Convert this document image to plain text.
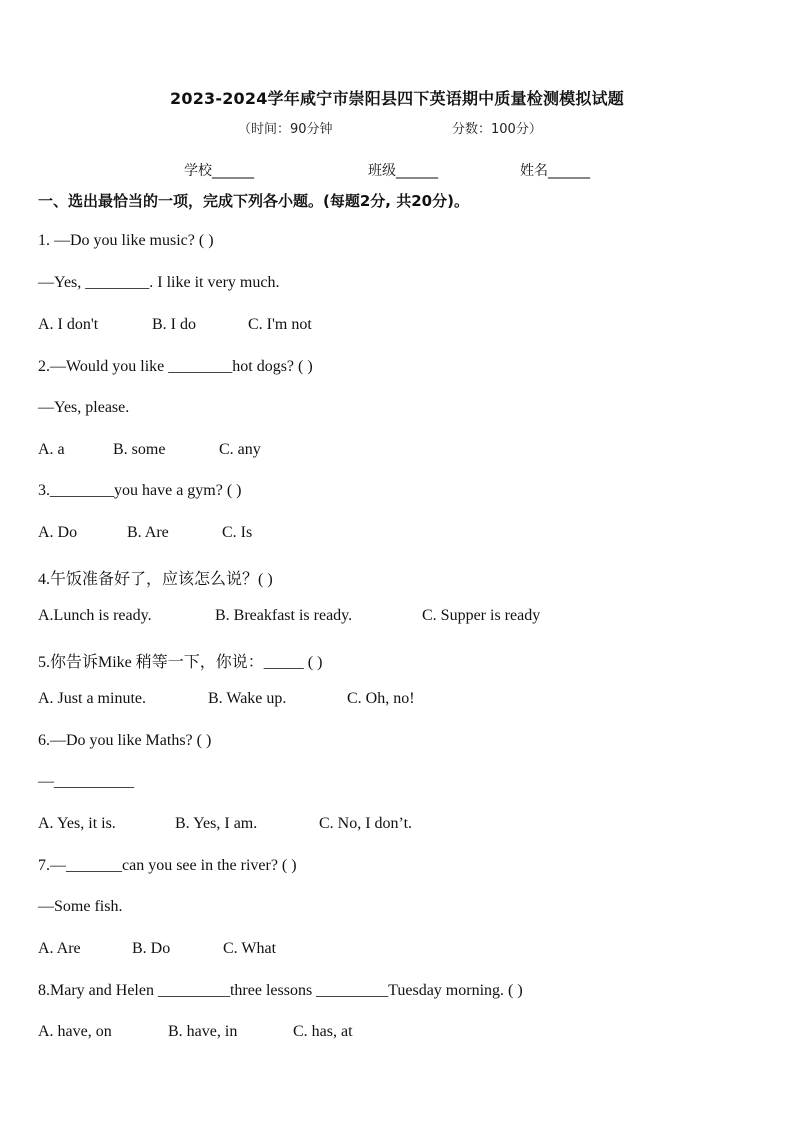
2023-2024学年咸宁市崇阳县四下英语期中质量检测模拟试题
（时间：90分钟	分数：100分）
学校______	班级______	姓名______
一、选出最恰当的一项，完成下列各小题。(每题2分, 共20分)。
1. —Do you like music? ( )
—Yes, ________. I like it very much.
A. I don't	B. I do	C. I'm not
2.—Would you like ________hot dogs? ( )
—Yes, please.
A. a	B. some	C. any
3.________you have a gym? ( )
A. Do	B. Are	C. Is
4.午饭准备好了，应该怎么说？( )
A.Lunch is ready.	B. Breakfast is ready.	C. Supper is ready
5.你告诉Mike 稍等一下，你说：_____ ( )
A. Just a minute.	B. Wake up.	C. Oh, no!
6.—Do you like Maths? ( )
—__________
A. Yes, it is.	B. Yes, I am.	C. No, I don’t.
7.—_______can you see in the river? ( )
—Some fish.
A. Are	B. Do	C. What
8.Mary and Helen _________three lessons _________Tuesday morning. ( )
A. have, on	B. have, in	C. has, at
